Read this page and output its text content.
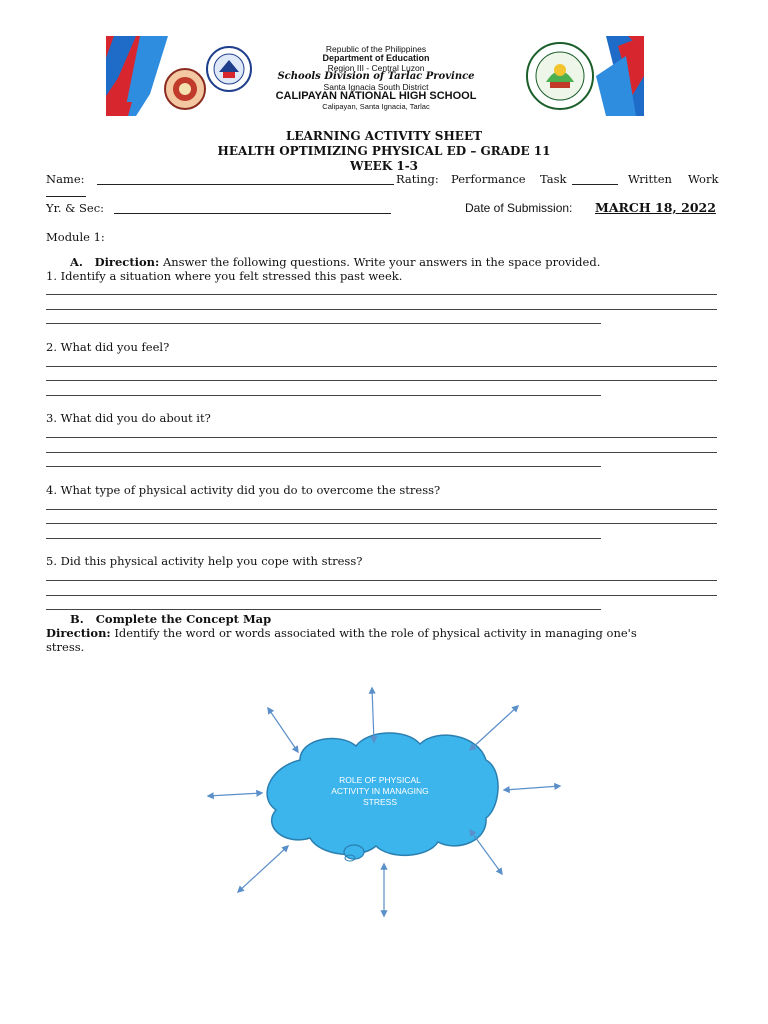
Republic of the Philippines
Department of Education
Region III - Central Luzon
Schools Division of Tarlac Province
Santa Ignacia South District
CALIPAYAN NATIONAL HIGH SCHOOL
Calipayan, Santa Ignacia, Tarlac
LEARNING ACTIVITY SHEET
HEALTH OPTIMIZING PHYSICAL ED – GRADE 11
WEEK 1-3
Name:	Rating: Performance Task	Written Work
Yr. & Sec:	Date of Submission: MARCH 18, 2022
Module 1:
A. Direction: Answer the following questions. Write your answers in the space provided.
1. Identify a situation where you felt stressed this past week.
2. What did you feel?
3. What did you do about it?
4. What type of physical activity did you do to overcome the stress?
5. Did this physical activity help you cope with stress?
B. Complete the Concept Map
Direction: Identify the word or words associated with the role of physical activity in managing one's
stress.
ROLE OF PHYSICAL
ACTIVITY IN MANAGING
STRESS
